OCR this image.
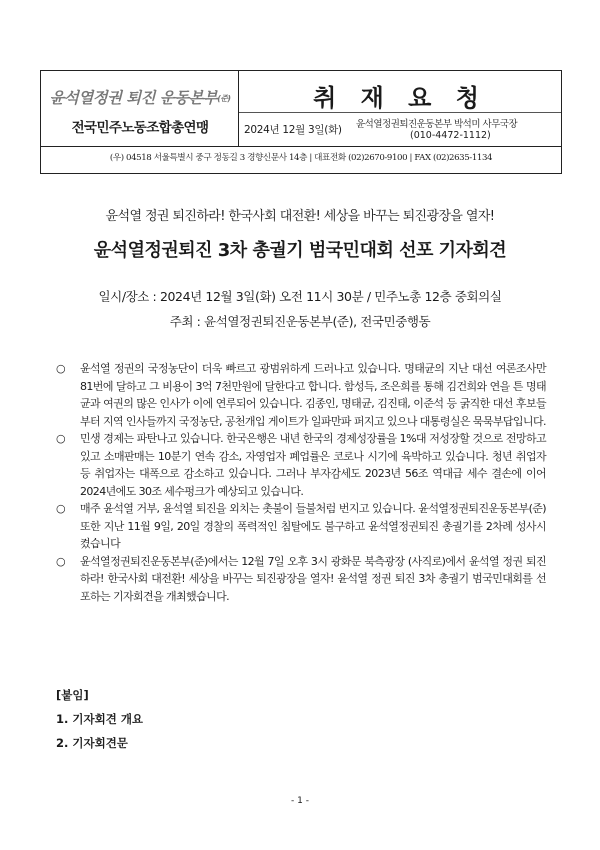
윤석열정권 퇴진 운동본부(준)
전국민주노동조합총연맹
취 재 요 청
2024년 12월 3일(화) 윤석열정권퇴진운동본부 박석미 사무국장
(010-4472-1112)
(우) 04518 서울특별시 중구 정동길 3 경향신문사 14층 | 대표전화 (02)2670-9100 | FAX (02)2635-1134
윤석열 정권 퇴진하라! 한국사회 대전환! 세상을 바꾸는 퇴진광장을 열자!
윤석열정권퇴진 3차 총궐기 범국민대회 선포 기자회견
일시/장소 : 2024년 12월 3일(화) 오전 11시 30분 / 민주노총 12층 중회의실
주최 : 윤석열정권퇴진운동본부(준), 전국민중행동
○ 윤석열 정권의 국정농단이 더욱 빠르고 광범위하게 드러나고 있습니다. 명태균의 지난 대선 여론조사만 81번에 달하고 그 비용이 3억 7천만원에 달한다고 합니다. 함성득, 조은희를 통해 김건희와 연을 튼 명태균과 여권의 많은 인사가 이에 연루되어 있습니다. 김종인, 명태균, 김진태, 이준석 등 굵직한 대선 후보들부터 지역 인사들까지 국정농단, 공천개입 게이트가 일파만파 퍼지고 있으나 대통령실은 묵묵부답입니다.
○ 민생 경제는 파탄나고 있습니다. 한국은행은 내년 한국의 경제성장률을 1%대 저성장할 것으로 전망하고 있고 소매판매는 10분기 연속 감소, 자영업자 폐업률은 코로나 시기에 육박하고 있습니다. 청년 취업자 등 취업자는 대폭으로 감소하고 있습니다. 그러나 부자감세도 2023년 56조 역대급 세수 결손에 이어 2024년에도 30조 세수펑크가 예상되고 있습니다.
○ 매주 윤석열 거부, 윤석열 퇴진을 외치는 촛불이 들불처럼 번지고 있습니다. 윤석열정권퇴진운동본부(준) 또한 지난 11월 9일, 20일 경찰의 폭력적인 침탈에도 불구하고 윤석열정권퇴진 총궐기를 2차례 성사시켰습니다
○ 윤석열정권퇴진운동본부(준)에서는 12월 7일 오후 3시 광화문 북측광장 (사직로)에서 윤석열 정권 퇴진하라! 한국사회 대전환! 세상을 바꾸는 퇴진광장을 열자! 윤석열 정권 퇴진 3차 총궐기 범국민대회를 선포하는 기자회견을 개최했습니다.
[붙임]
1. 기자회견 개요
2. 기자회견문
- 1 -
